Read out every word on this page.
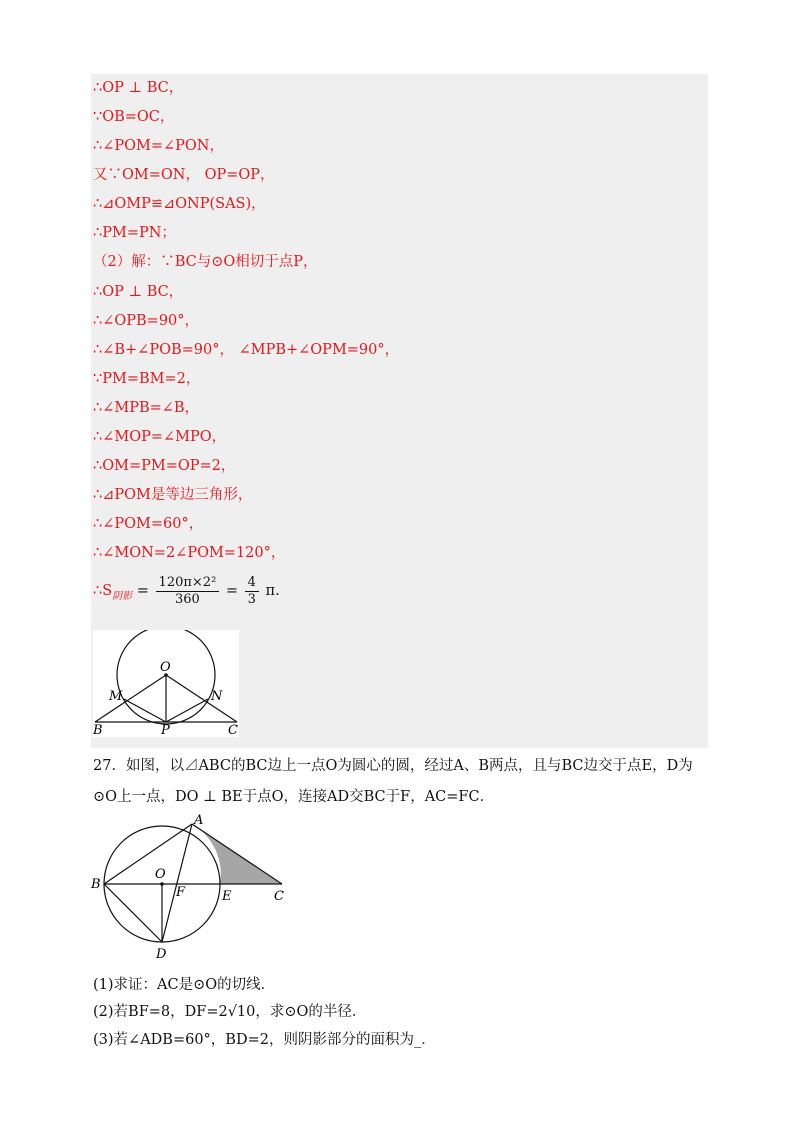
∴OP ⊥ BC，
∵OB=OC，
∴∠POM=∠PON，
又∵OM=ON， OP=OP，
∴⊿OMP≌⊿ONP(SAS)，
∴PM=PN；
（2）解：∵BC与⊙O相切于点P，
∴OP ⊥ BC，
∴∠OPB=90°，
∴∠B+∠POB=90°， ∠MPB+∠OPM=90°，
∵PM=BM=2，
∴∠MPB=∠B，
∴∠MOP=∠MPO，
∴OM=PM=OP=2，
∴⊿POM是等边三角形，
∴∠POM=60°，
∴∠MON=2∠POM=120°，
$\therefore S_{阴影} = \frac{\text{120π×2²}}{360} = \frac{4}{3} \pi$.
O
M	N
B	P	C
27．如图，以⊿ABC的BC边上一点O为圆心的圆，经过A、B两点，且与BC边交于点E，D为
⊙O上一点，DO ⊥ BE于点O，连接AD交BC于F，AC=FC．
A
B
O
F	E	C
D
(1)求证：AC是⊙O的切线．
(2)若BF=8，DF=2√10，求⊙O的半径．
(3)若∠ADB=60°，BD=2，则阴影部分的面积为_．
